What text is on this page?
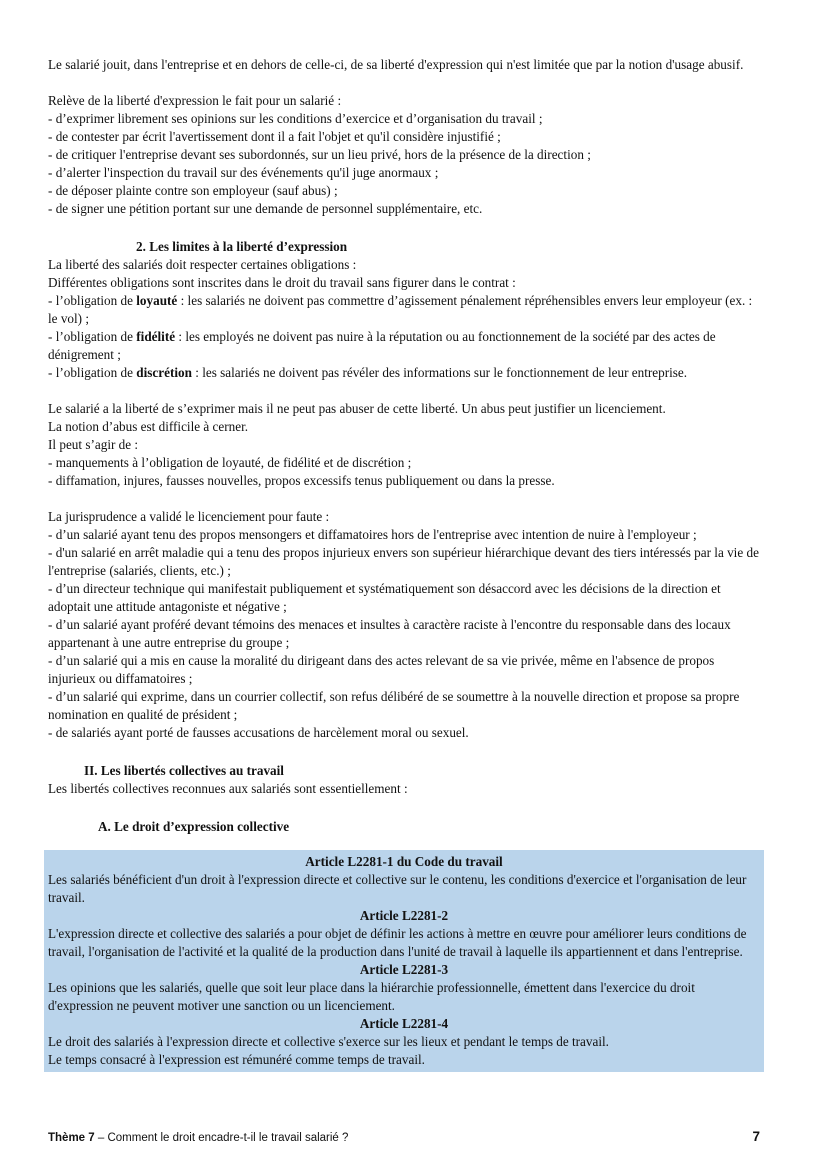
Le salarié jouit, dans l'entreprise et en dehors de celle-ci, de sa liberté d'expression qui n'est limitée que par la notion d'usage abusif.

Relève de la liberté d'expression le fait pour un salarié :

- d’exprimer librement ses opinions sur les conditions d’exercice et d’organisation du travail ;

- de contester par écrit l'avertissement dont il a fait l'objet et qu'il considère injustifié ;

- de critiquer l'entreprise devant ses subordonnés, sur un lieu privé, hors de la présence de la direction ;

- d’alerter l'inspection du travail sur des événements qu'il juge anormaux ;

- de déposer plainte contre son employeur (sauf abus) ;

- de signer une pétition portant sur une demande de personnel supplémentaire, etc.

2. Les limites à la liberté d’expression

La liberté des salariés doit respecter certaines obligations :

Différentes obligations sont inscrites dans le droit du travail sans figurer dans le contrat :

- l’obligation de loyauté : les salariés ne doivent pas commettre d’agissement pénalement répréhensibles envers leur employeur (ex. : le vol) ;

- l’obligation de fidélité : les employés ne doivent pas nuire à la réputation ou au fonctionnement de la société par des actes de dénigrement ;

- l’obligation de discrétion : les salariés ne doivent pas révéler des informations sur le fonctionnement de leur entreprise.

Le salarié a la liberté de s’exprimer mais il ne peut pas abuser de cette liberté. Un abus peut justifier un licenciement.

La notion d’abus est difficile à cerner.

Il peut s’agir de :

- manquements à l’obligation de loyauté, de fidélité et de discrétion ;

- diffamation, injures, fausses nouvelles, propos excessifs tenus publiquement ou dans la presse.

La jurisprudence a validé le licenciement pour faute :

- d’un salarié ayant tenu des propos mensongers et diffamatoires hors de l'entreprise avec intention de nuire à l'employeur ;

- d'un salarié en arrêt maladie qui a tenu des propos injurieux envers son supérieur hiérarchique devant des tiers intéressés par la vie de l'entreprise (salariés, clients, etc.) ;

- d’un directeur technique qui manifestait publiquement et systématiquement son désaccord avec les décisions de la direction et adoptait une attitude antagoniste et négative ;

- d’un salarié ayant proféré devant témoins des menaces et insultes à caractère raciste à l'encontre du responsable dans des locaux appartenant à une autre entreprise du groupe ;

- d’un salarié qui a mis en cause la moralité du dirigeant dans des actes relevant de sa vie privée, même en l'absence de propos injurieux ou diffamatoires ;

- d’un salarié qui exprime, dans un courrier collectif, son refus délibéré de se soumettre à la nouvelle direction et propose sa propre nomination en qualité de président ;

- de salariés ayant porté de fausses accusations de harcèlement moral ou sexuel.

II. Les libertés collectives au travail

Les libertés collectives reconnues aux salariés sont essentiellement :

A. Le droit d’expression collective

Article L2281-1 du Code du travail

Les salariés bénéficient d'un droit à l'expression directe et collective sur le contenu, les conditions d'exercice et l'organisation de leur travail.

Article L2281-2

L'expression directe et collective des salariés a pour objet de définir les actions à mettre en œuvre pour améliorer leurs conditions de travail, l'organisation de l'activité et la qualité de la production dans l'unité de travail à laquelle ils appartiennent et dans l'entreprise.

Article L2281-3

Les opinions que les salariés, quelle que soit leur place dans la hiérarchie professionnelle, émettent dans l'exercice du droit d'expression ne peuvent motiver une sanction ou un licenciement.

Article L2281-4

Le droit des salariés à l'expression directe et collective s'exerce sur les lieux et pendant le temps de travail.

Le temps consacré à l'expression est rémunéré comme temps de travail.

Thème 7 – Comment le droit encadre-t-il le travail salarié ?	7
